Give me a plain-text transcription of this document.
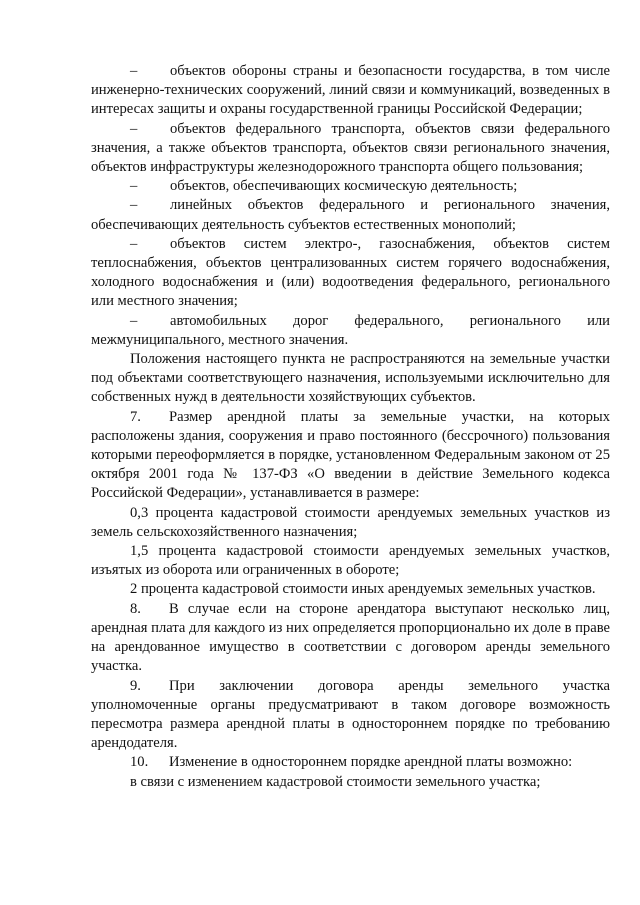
– объектов обороны страны и безопасности государства, в том числе инженерно-технических сооружений, линий связи и коммуникаций, возведенных в интересах защиты и охраны государственной границы Российской Федерации;

– объектов федерального транспорта, объектов связи федерального значения, а также объектов транспорта, объектов связи регионального значения, объектов инфраструктуры железнодорожного транспорта общего пользования;

– объектов, обеспечивающих космическую деятельность;

– линейных объектов федерального и регионального значения, обеспечивающих деятельность субъектов естественных монополий;

– объектов систем электро-, газоснабжения, объектов систем теплоснабжения, объектов централизованных систем горячего водоснабжения, холодного водоснабжения и (или) водоотведения федерального, регионального или местного значения;

– автомобильных дорог федерального, регионального или межмуниципального, местного значения.

Положения настоящего пункта не распространяются на земельные участки под объектами соответствующего назначения, используемыми исключительно для собственных нужд в деятельности хозяйствующих субъектов.

7. Размер арендной платы за земельные участки, на которых расположены здания, сооружения и право постоянного (бессрочного) пользования которыми переоформляется в порядке, установленном Федеральным законом от 25 октября 2001 года № 137-ФЗ «О введении в действие Земельного кодекса Российской Федерации», устанавливается в размере:

0,3 процента кадастровой стоимости арендуемых земельных участков из земель сельскохозяйственного назначения;

1,5 процента кадастровой стоимости арендуемых земельных участков, изъятых из оборота или ограниченных в обороте;

2 процента кадастровой стоимости иных арендуемых земельных участков.

8. В случае если на стороне арендатора выступают несколько лиц, арендная плата для каждого из них определяется пропорционально их доле в праве на арендованное имущество в соответствии с договором аренды земельного участка.

9. При заключении договора аренды земельного участка уполномоченные органы предусматривают в таком договоре возможность пересмотра размера арендной платы в одностороннем порядке по требованию арендодателя.

10. Изменение в одностороннем порядке арендной платы возможно:

в связи с изменением кадастровой стоимости земельного участка;
